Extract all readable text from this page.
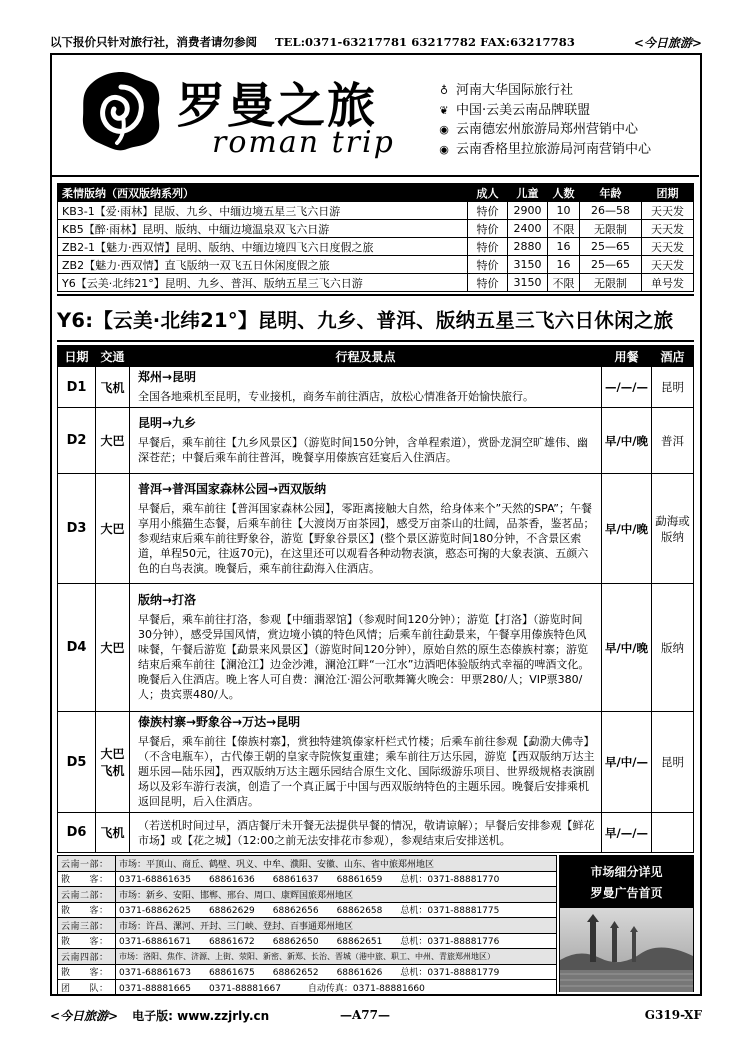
以下报价只针对旅行社，消费者请勿参阅 TEL:0371-63217781 63217782 FAX:63217783	<今日旅游>
罗曼之旅
roman trip
♁ 河南大华国际旅行社
❦ 中国·云美云南品牌联盟
◉ 云南德宏州旅游局郑州营销中心
◉ 云南香格里拉旅游局河南营销中心
柔情版纳（西双版纳系列）	成人	儿童	人数	年龄	团期
KB3-1【爱·雨林】昆版、九乡、中缅边境五星三飞六日游	特价	2900	10	26—58	天天发
KB5【醉·雨林】昆明、版纳、中缅边境温泉双飞六日游	特价	2400	不限	无限制	天天发
ZB2-1【魅力·西双情】昆明、版纳、中缅边境四飞六日度假之旅	特价	2880	16	25—65	天天发
ZB2【魅力·西双情】直飞版纳一双飞五日休闲度假之旅	特价	3150	16	25—65	天天发
Y6【云美·北纬21°】昆明、九乡、普洱、版纳五星三飞六日游	特价	3150	不限	无限制	单号发
Y6:【云美·北纬21°】昆明、九乡、普洱、版纳五星三飞六日休闲之旅
日期	交通	行程及景点	用餐	酒店
D1	飞机	郑州→昆明
全国各地乘机至昆明，专业接机，商务车前往酒店，放松心情准备开始愉快旅行。	—/—/—	昆明
D2	大巴	昆明→九乡
早餐后，乘车前往【九乡风景区】（游览时间150分钟，含单程索道），赏卧龙洞空旷雄伟、幽深苍茫；中餐后乘车前往普洱，晚餐享用傣族宫廷宴后入住酒店。	早/中/晚	普洱
D3	大巴	普洱→普洱国家森林公园→西双版纳
早餐后，乘车前往【普洱国家森林公园】，零距离接触大自然，给身体来个”天然的SPA”；午餐享用小熊猫生态餐，后乘车前往【大渡岗万亩茶园】，感受万亩茶山的壮阔，品茶香，鉴茗品；参观结束后乘车前往野象谷，游览【野象谷景区】(整个景区游览时间180分钟，不含景区索道，单程50元，往返70元)，在这里还可以观看各种动物表演，憨态可掬的大象表演、五颜六色的白鸟表演。晚餐后，乘车前往勐海入住酒店。	早/中/晚	勐海或版纳
D4	大巴	版纳→打洛
早餐后，乘车前往打洛，参观【中缅翡翠馆】（参观时间120分钟）；游览【打洛】（游览时间30分钟），感受异国风情，赏边境小镇的特色风情；后乘车前往勐景来，午餐享用傣族特色风味餐，午餐后游览【勐景来风景区】（游览时间120分钟），原始自然的原生态傣族村寨；游览结束后乘车前往【澜沧江】边金沙滩，澜沧江畔“一江水”边酒吧体验版纳式幸福的啤酒文化。晚餐后入住酒店。晚上客人可自费：澜沧江·湄公河歌舞篝火晚会：甲票280/人；VIP票380/人；贵宾票480/人。	早/中/晚	版纳
D5	大巴飞机	傣族村寨→野象谷→万达→昆明
早餐后，乘车前往【傣族村寨】，赏独特建筑傣家杆栏式竹楼；后乘车前往参观【勐泐大佛寺】（不含电瓶车），古代傣王朝的皇家寺院恢复重建；乘车前往万达乐园，游览【西双版纳万达主题乐园—陆乐园】，西双版纳万达主题乐园结合原生文化、国际级游乐项目、世界级规格表演剧场以及彩车游行表演，创造了一个真正属于中国与西双版纳特色的主题乐园。晚餐后安排乘机返回昆明，后入住酒店。	早/中/—	昆明
D6	飞机	（若送机时间过早，酒店餐厅未开餐无法提供早餐的情况，敬请谅解）；早餐后安排参观【鲜花市场】或【花之城】（12:00之前无法安排花市参观），参观结束后安排送机。	早/—/—	
云南一部：	市场：平顶山、商丘、鹤壁、巩义、中牟、濮阳、安徽、山东、省中旅郑州地区
散　　客：	0371-68861635　　68861636　　68861637　　68861659　　总机：0371-88881770
云南二部：	市场：新乡、安阳、邯郸、邢台、周口、康辉国旅郑州地区
散　　客：	0371-68862625　　68862629　　68862656　　68862658　　总机：0371-88881775
云南三部：	市场：许昌、漯河、开封、三门峡、登封、百事通郑州地区
散　　客：	0371-68861671　　68861672　　68862650　　68862651　　总机：0371-88881776
云南四部：	市场：洛阳、焦作、济源、上街、荥阳、新密、新郑、长治、晋城（港中旅、职工、中州、青旅郑州地区）
散　　客：	0371-68861673　　68861675　　68862652　　68861626　　总机：0371-88881779
团　　队：	0371-88881665　　0371-88881667　　　自动传真：0371-88881660
市场细分详见
罗曼广告首页
<今日旅游> 电子版: www.zzjrly.cn	—A77—	G319-XF
